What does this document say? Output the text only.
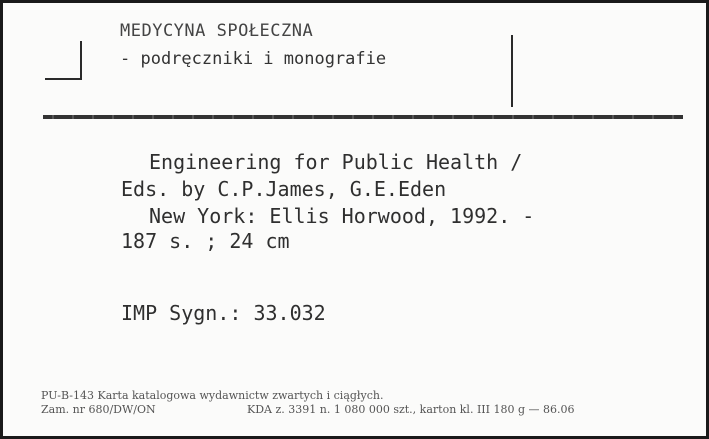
MEDYCYNA SPOŁECZNA
- podręczniki i monografie
Engineering for Public Health /
Eds. by C.P.James, G.E.Eden
New York: Ellis Horwood, 1992. -
187 s. ; 24 cm
IMP Sygn.: 33.032
PU-B-143 Karta katalogowa wydawnictw zwartych i ciągłych.
Zam. nr 680/DW/ON	KDA z. 3391 n. 1 080 000 szt., karton kl. III 180 g — 86.06
